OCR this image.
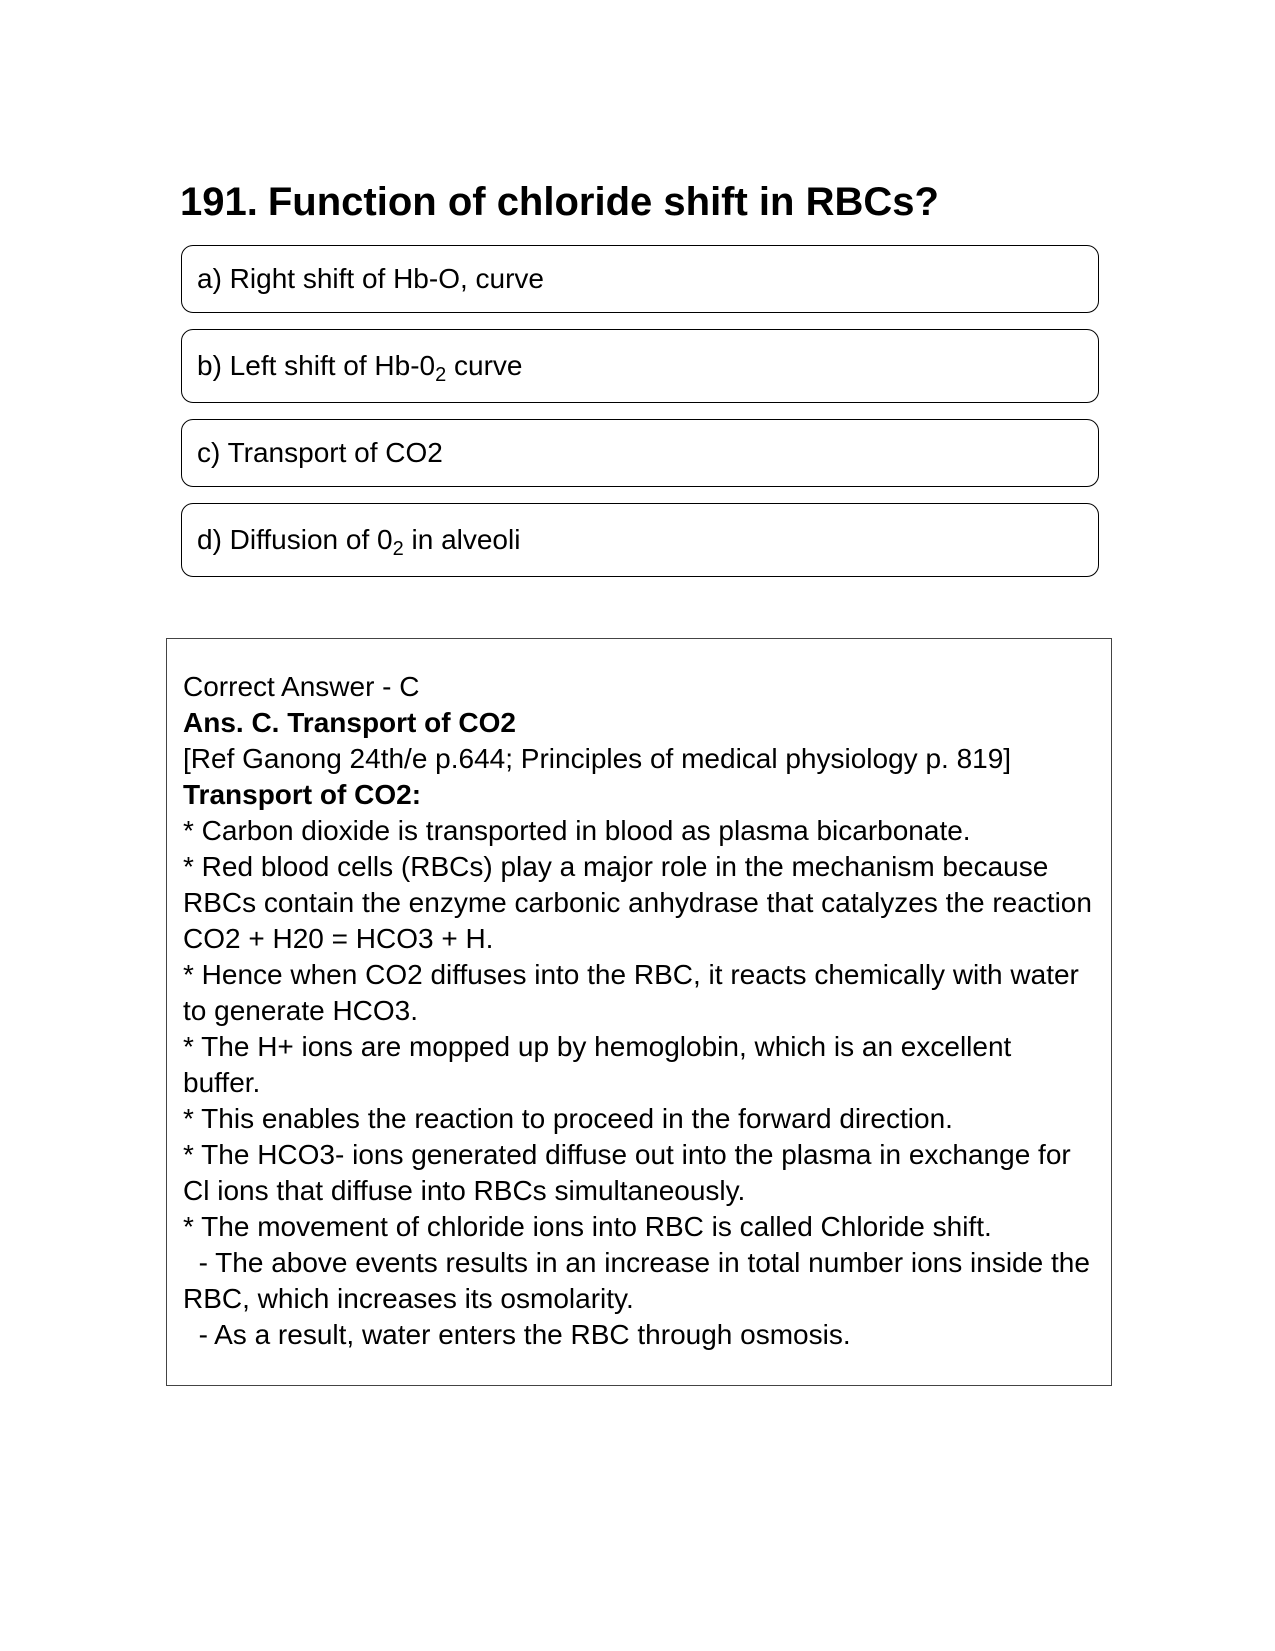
191. Function of chloride shift in RBCs?
a) Right shift of Hb-O, curve
b) Left shift of $Hb-0_2$ curve
c) Transport of CO2
d) Diffusion of $0_2$ in alveoli
Correct Answer - C
Ans. C. Transport of CO2
[Ref Ganong 24th/e p.644; Principles of medical physiology p. 819]
Transport of CO2:
* Carbon dioxide is transported in blood as plasma bicarbonate.
* Red blood cells (RBCs) play a major role in the mechanism because RBCs contain the enzyme carbonic anhydrase that catalyzes the reaction CO2 + H20 = HCO3 + H.
* Hence when CO2 diffuses into the RBC, it reacts chemically with water to generate HCO3.
* The H+ ions are mopped up by hemoglobin, which is an excellent buffer.
* This enables the reaction to proceed in the forward direction.
* The HCO3- ions generated diffuse out into the plasma in exchange for Cl ions that diffuse into RBCs simultaneously.
* The movement of chloride ions into RBC is called Chloride shift.
- The above events results in an increase in total number ions inside the RBC, which increases its osmolarity.
- As a result, water enters the RBC through osmosis.
